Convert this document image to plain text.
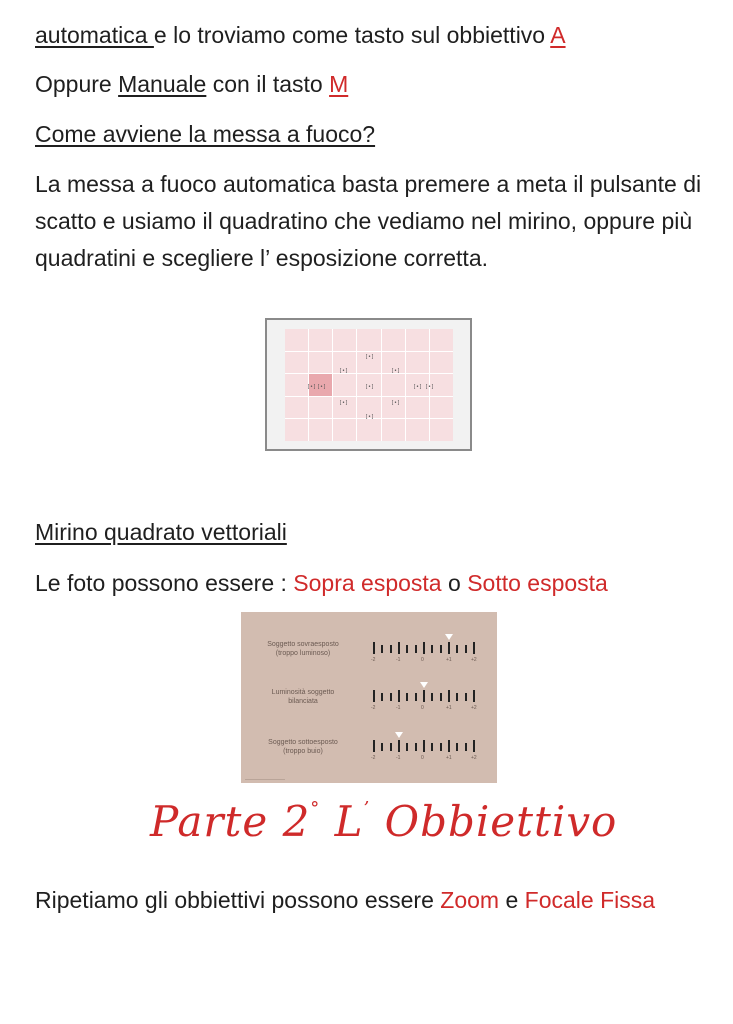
automatica e lo troviamo come tasto sul obbiettivo A
Oppure Manuale con il tasto M
Come avviene la messa a fuoco?
La messa a fuoco automatica basta premere a meta il pulsante di scatto e usiamo il quadratino che vediamo nel mirino, oppure più quadratini e scegliere l’ esposizione corretta.
[•]
[•]
[•]
[•]	[•]
[•]	[•]
[•]	[•]
[•]	[•]
Mirino quadrato vettoriali
Le foto possono essere : Sopra esposta o Sotto esposta
Soggetto sovraesposto
(troppo luminoso)
-2	-1	0	+1	+2
Luminosità soggetto
bilanciata
-2	-1	0	+1	+2
Soggetto sottoesposto
(troppo buio)
-2	-1	0	+1	+2
Parte 2° L’ Obbiettivo
Ripetiamo gli obbiettivi possono essere Zoom e Focale Fissa
